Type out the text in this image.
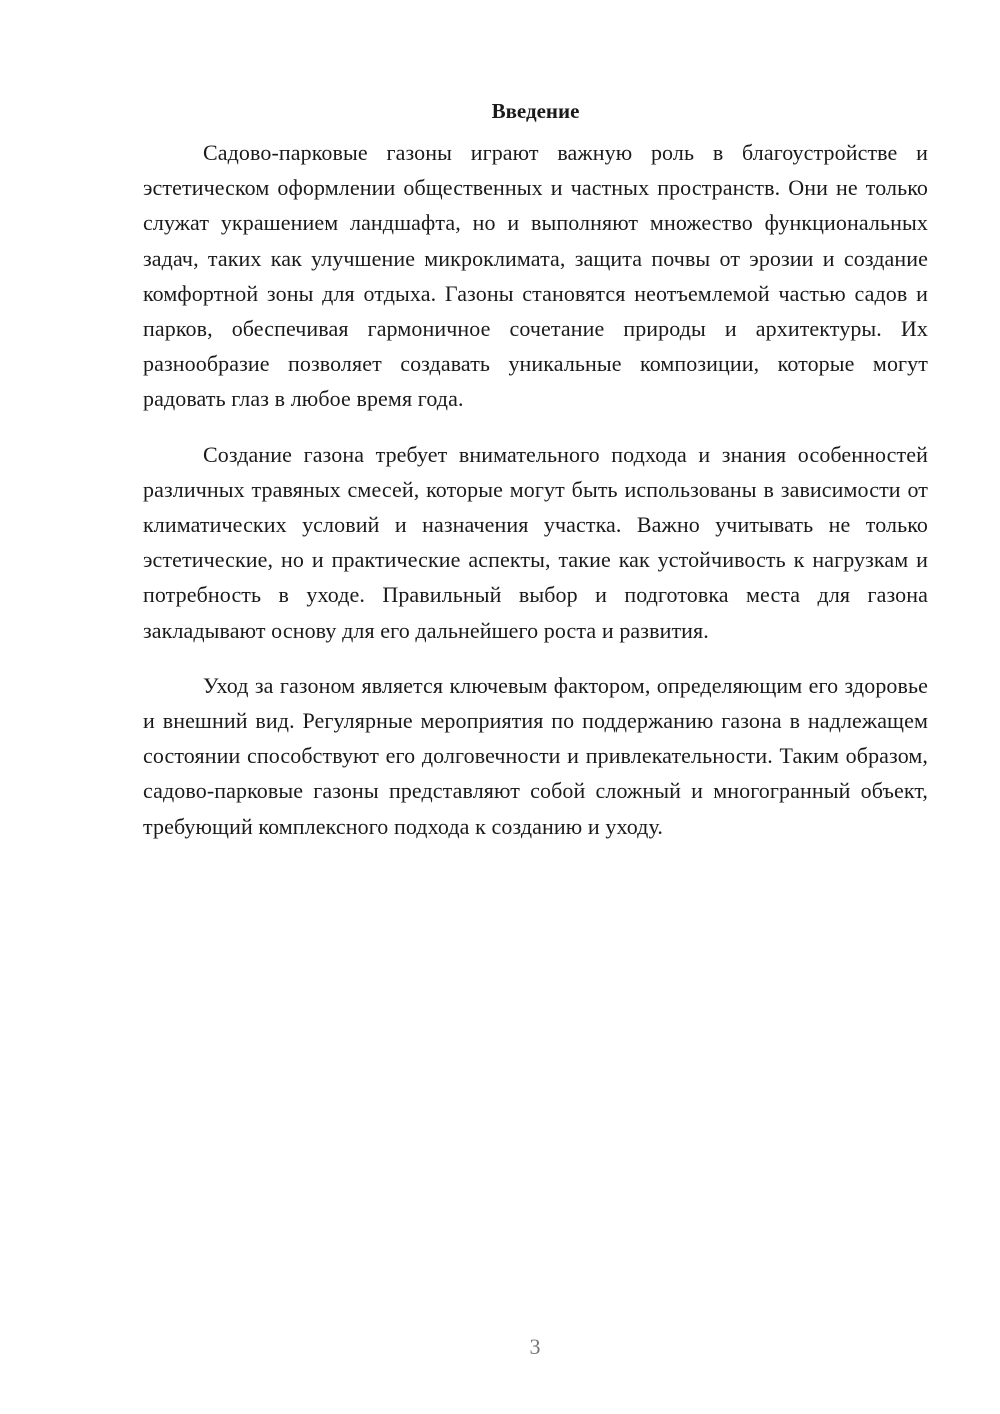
Введение

Садово-парковые газоны играют важную роль в благоустройстве и эстетическом оформлении общественных и частных пространств. Они не только служат украшением ландшафта, но и выполняют множество функциональных задач, таких как улучшение микроклимата, защита почвы от эрозии и создание комфортной зоны для отдыха. Газоны становятся неотъемлемой частью садов и парков, обеспечивая гармоничное сочетание природы и архитектуры. Их разнообразие позволяет создавать уникальные композиции, которые могут радовать глаз в любое время года.

Создание газона требует внимательного подхода и знания особенностей различных травяных смесей, которые могут быть использованы в зависимости от климатических условий и назначения участка. Важно учитывать не только эстетические, но и практические аспекты, такие как устойчивость к нагрузкам и потребность в уходе. Правильный выбор и подготовка места для газона закладывают основу для его дальнейшего роста и развития.

Уход за газоном является ключевым фактором, определяющим его здоровье и внешний вид. Регулярные мероприятия по поддержанию газона в надлежащем состоянии способствуют его долговечности и привлекательности. Таким образом, садово-парковые газоны представляют собой сложный и многогранный объект, требующий комплексного подхода к созданию и уходу.

3
